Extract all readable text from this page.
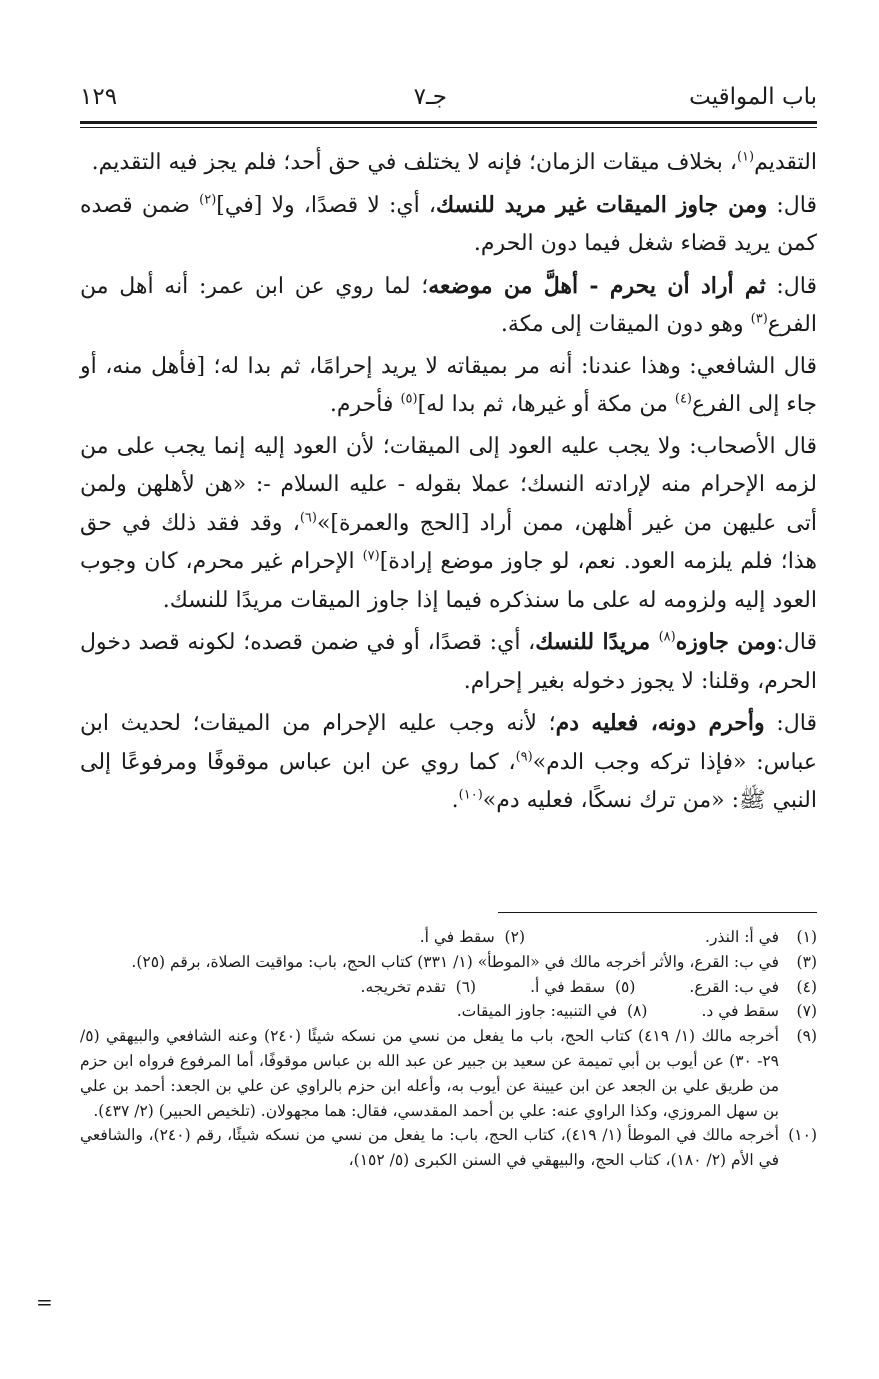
باب المواقيت
جـ٧
١٢٩

التقديم$^{(١)}$، بخلاف ميقات الزمان؛ فإنه لا يختلف في حق أحد؛ فلم يجز فيه التقديم.

قال: ومن جاوز الميقات غير مريد للنسك، أي: لا قصدًا، ولا [في]$^{(٢)}$ ضمن قصده كمن يريد قضاء شغل فيما دون الحرم.

قال: ثم أراد أن يحرم - أهلَّ من موضعه؛ لما روي عن ابن عمر: أنه أهل من الفرع$^{(٣)}$ وهو دون الميقات إلى مكة.

قال الشافعي: وهذا عندنا: أنه مر بميقاته لا يريد إحرامًا، ثم بدا له؛ [فأهل منه، أو جاء إلى الفرع$^{(٤)}$ من مكة أو غيرها، ثم بدا له]$^{(٥)}$ فأحرم.

قال الأصحاب: ولا يجب عليه العود إلى الميقات؛ لأن العود إليه إنما يجب على من لزمه الإحرام منه لإرادته النسك؛ عملا بقوله - عليه السلام -: «هن لأهلهن ولمن أتى عليهن من غير أهلهن، ممن أراد [الحج والعمرة]»$^{(٦)}$، وقد فقد ذلك في حق هذا؛ فلم يلزمه العود. نعم، لو جاوز موضع إرادة]$^{(٧)}$ الإحرام غير محرم، كان وجوب العود إليه ولزومه له على ما سنذكره فيما إذا جاوز الميقات مريدًا للنسك.

قال:ومن جاوزه$^{(٨)}$ مريدًا للنسك، أي: قصدًا، أو في ضمن قصده؛ لكونه قصد دخول الحرم، وقلنا: لا يجوز دخوله بغير إحرام.

قال: وأحرم دونه، فعليه دم؛ لأنه وجب عليه الإحرام من الميقات؛ لحديث ابن عباس: «فإذا تركه وجب الدم»$^{(٩)}$، كما روي عن ابن عباس موقوفًا ومرفوعًا إلى النبي ﷺ: «من ترك نسكًا، فعليه دم»$^{(١٠)}$.

(١)
في أ: النذر.(٢)  سقط في أ.
(٣)
في ب: القرع، والأثر أخرجه مالك في «الموطأ» (١/ ٣٣١) كتاب الحج، باب: مواقيت الصلاة، برقم (٢٥).
(٤)
في ب: القرع.(٥)  سقط في أ.(٦)  تقدم تخريجه.
(٧)
سقط في د.(٨)  في التنبيه: جاوز الميقات.
(٩)
أخرجه مالك (١/ ٤١٩) كتاب الحج، باب ما يفعل من نسي من نسكه شيئًا (٢٤٠) وعنه الشافعي والبيهقي (٥/ ٢٩- ٣٠) عن أيوب بن أبي تميمة عن سعيد بن جبير عن عبد الله بن عباس موقوفًا، أما المرفوع فرواه ابن حزم من طريق علي بن الجعد عن ابن عيينة عن أيوب به، وأعله ابن حزم بالراوي عن علي بن الجعد: أحمد بن علي بن سهل المروزي، وكذا الراوي عنه: علي بن أحمد المقدسي، فقال: هما مجهولان. (تلخيص الحبير) (٢/ ٤٣٧).
(١٠)
أخرجه مالك في الموطأ (١/ ٤١٩)، كتاب الحج، باب: ما يفعل من نسي من نسكه شيئًا، رقم (٢٤٠)، والشافعي في الأم (٢/ ١٨٠)، كتاب الحج، والبيهقي في السنن الكبرى (٥/ ١٥٢)،
=
